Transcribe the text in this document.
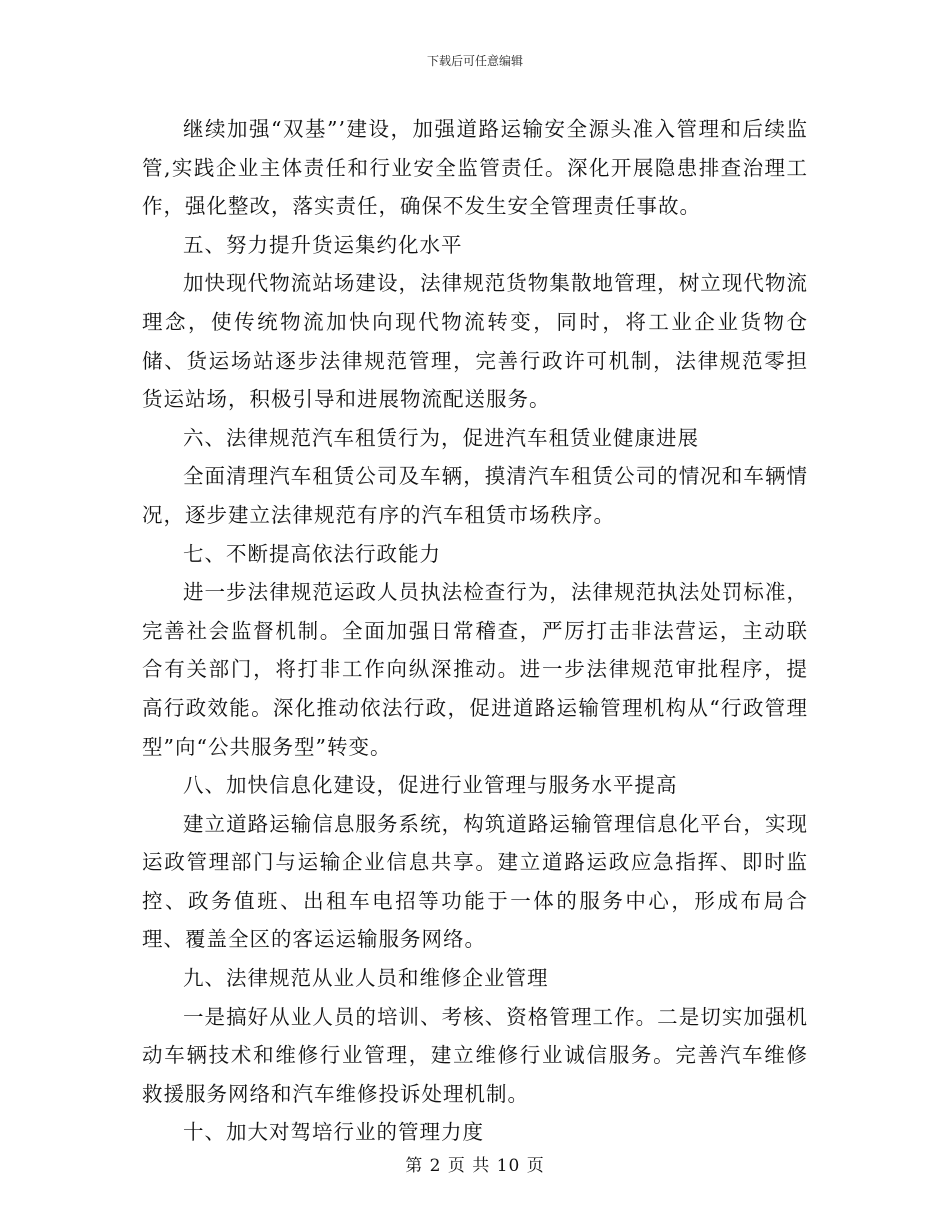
下载后可任意编辑

继续加强“双基”’建设，加强道路运输安全源头准入管理和后续监管,实践企业主体责任和行业安全监管责任。深化开展隐患排查治理工作，强化整改，落实责任，确保不发生安全管理责任事故。

五、努力提升货运集约化水平

加快现代物流站场建设，法律规范货物集散地管理，树立现代物流理念，使传统物流加快向现代物流转变，同时，将工业企业货物仓储、货运场站逐步法律规范管理，完善行政许可机制，法律规范零担货运站场，积极引导和进展物流配送服务。

六、法律规范汽车租赁行为，促进汽车租赁业健康进展

全面清理汽车租赁公司及车辆，摸清汽车租赁公司的情况和车辆情况，逐步建立法律规范有序的汽车租赁市场秩序。

七、不断提高依法行政能力

进一步法律规范运政人员执法检查行为，法律规范执法处罚标准，完善社会监督机制。全面加强日常稽查，严厉打击非法营运，主动联合有关部门，将打非工作向纵深推动。进一步法律规范审批程序，提高行政效能。深化推动依法行政，促进道路运输管理机构从“行政管理型”向“公共服务型”转变。

八、加快信息化建设，促进行业管理与服务水平提高

建立道路运输信息服务系统，构筑道路运输管理信息化平台，实现运政管理部门与运输企业信息共享。建立道路运政应急指挥、即时监控、政务值班、出租车电招等功能于一体的服务中心，形成布局合理、覆盖全区的客运运输服务网络。

九、法律规范从业人员和维修企业管理

一是搞好从业人员的培训、考核、资格管理工作。二是切实加强机动车辆技术和维修行业管理，建立维修行业诚信服务。完善汽车维修救援服务网络和汽车维修投诉处理机制。

十、加大对驾培行业的管理力度

第 2 页 共 10 页
